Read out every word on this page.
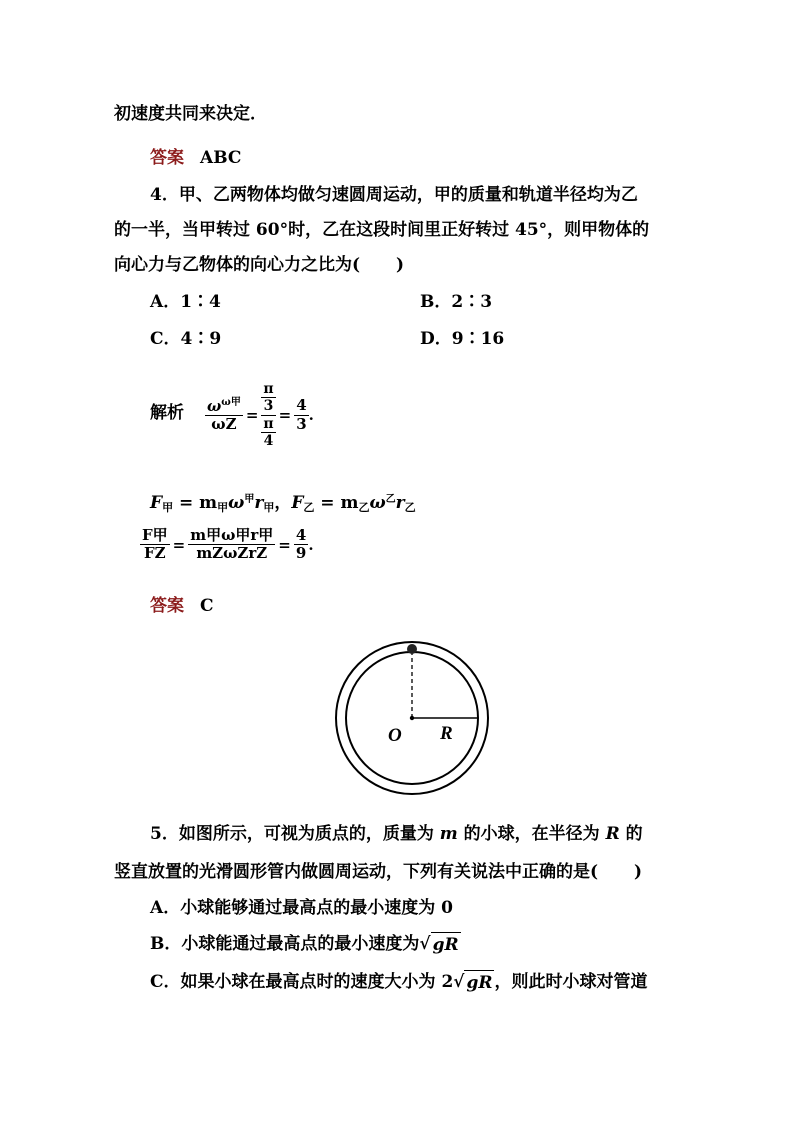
初速度共同来决定．
答案 ABC
4．甲、乙两物体均做匀速圆周运动，甲的质量和轨道半径均为乙
的一半，当甲转过 60°时，乙在这段时间里正好转过 45°，则甲物体的
向心力与乙物体的向心力之比为( )
A．1∶4	B．2∶3
C．4∶9	D．9∶16
解析 $\frac{\omega^{\omega 甲}}{\omega Z} = \frac{\frac{\pi}{3}}{\frac{\pi}{4}} = \frac{4}{3}$ .
F甲 = m甲$\omega^甲r$甲，F乙 = m乙$\omega^乙r$乙
$\frac{\text{F甲}}{FZ} = \frac{\text{m甲ω甲r甲}}{\text{mZωZrZ}} = \frac{4}{9}$ .
答案 C
O R
5．如图所示，可视为质点的，质量为 m 的小球，在半径为 R 的
竖直放置的光滑圆形管内做圆周运动，下列有关说法中正确的是( )
A．小球能够通过最高点的最小速度为 0
B．小球能通过最高点的最小速度为 √ gR
C．如果小球在最高点时的速度大小为 2 √ gR ，则此时小球对管道
